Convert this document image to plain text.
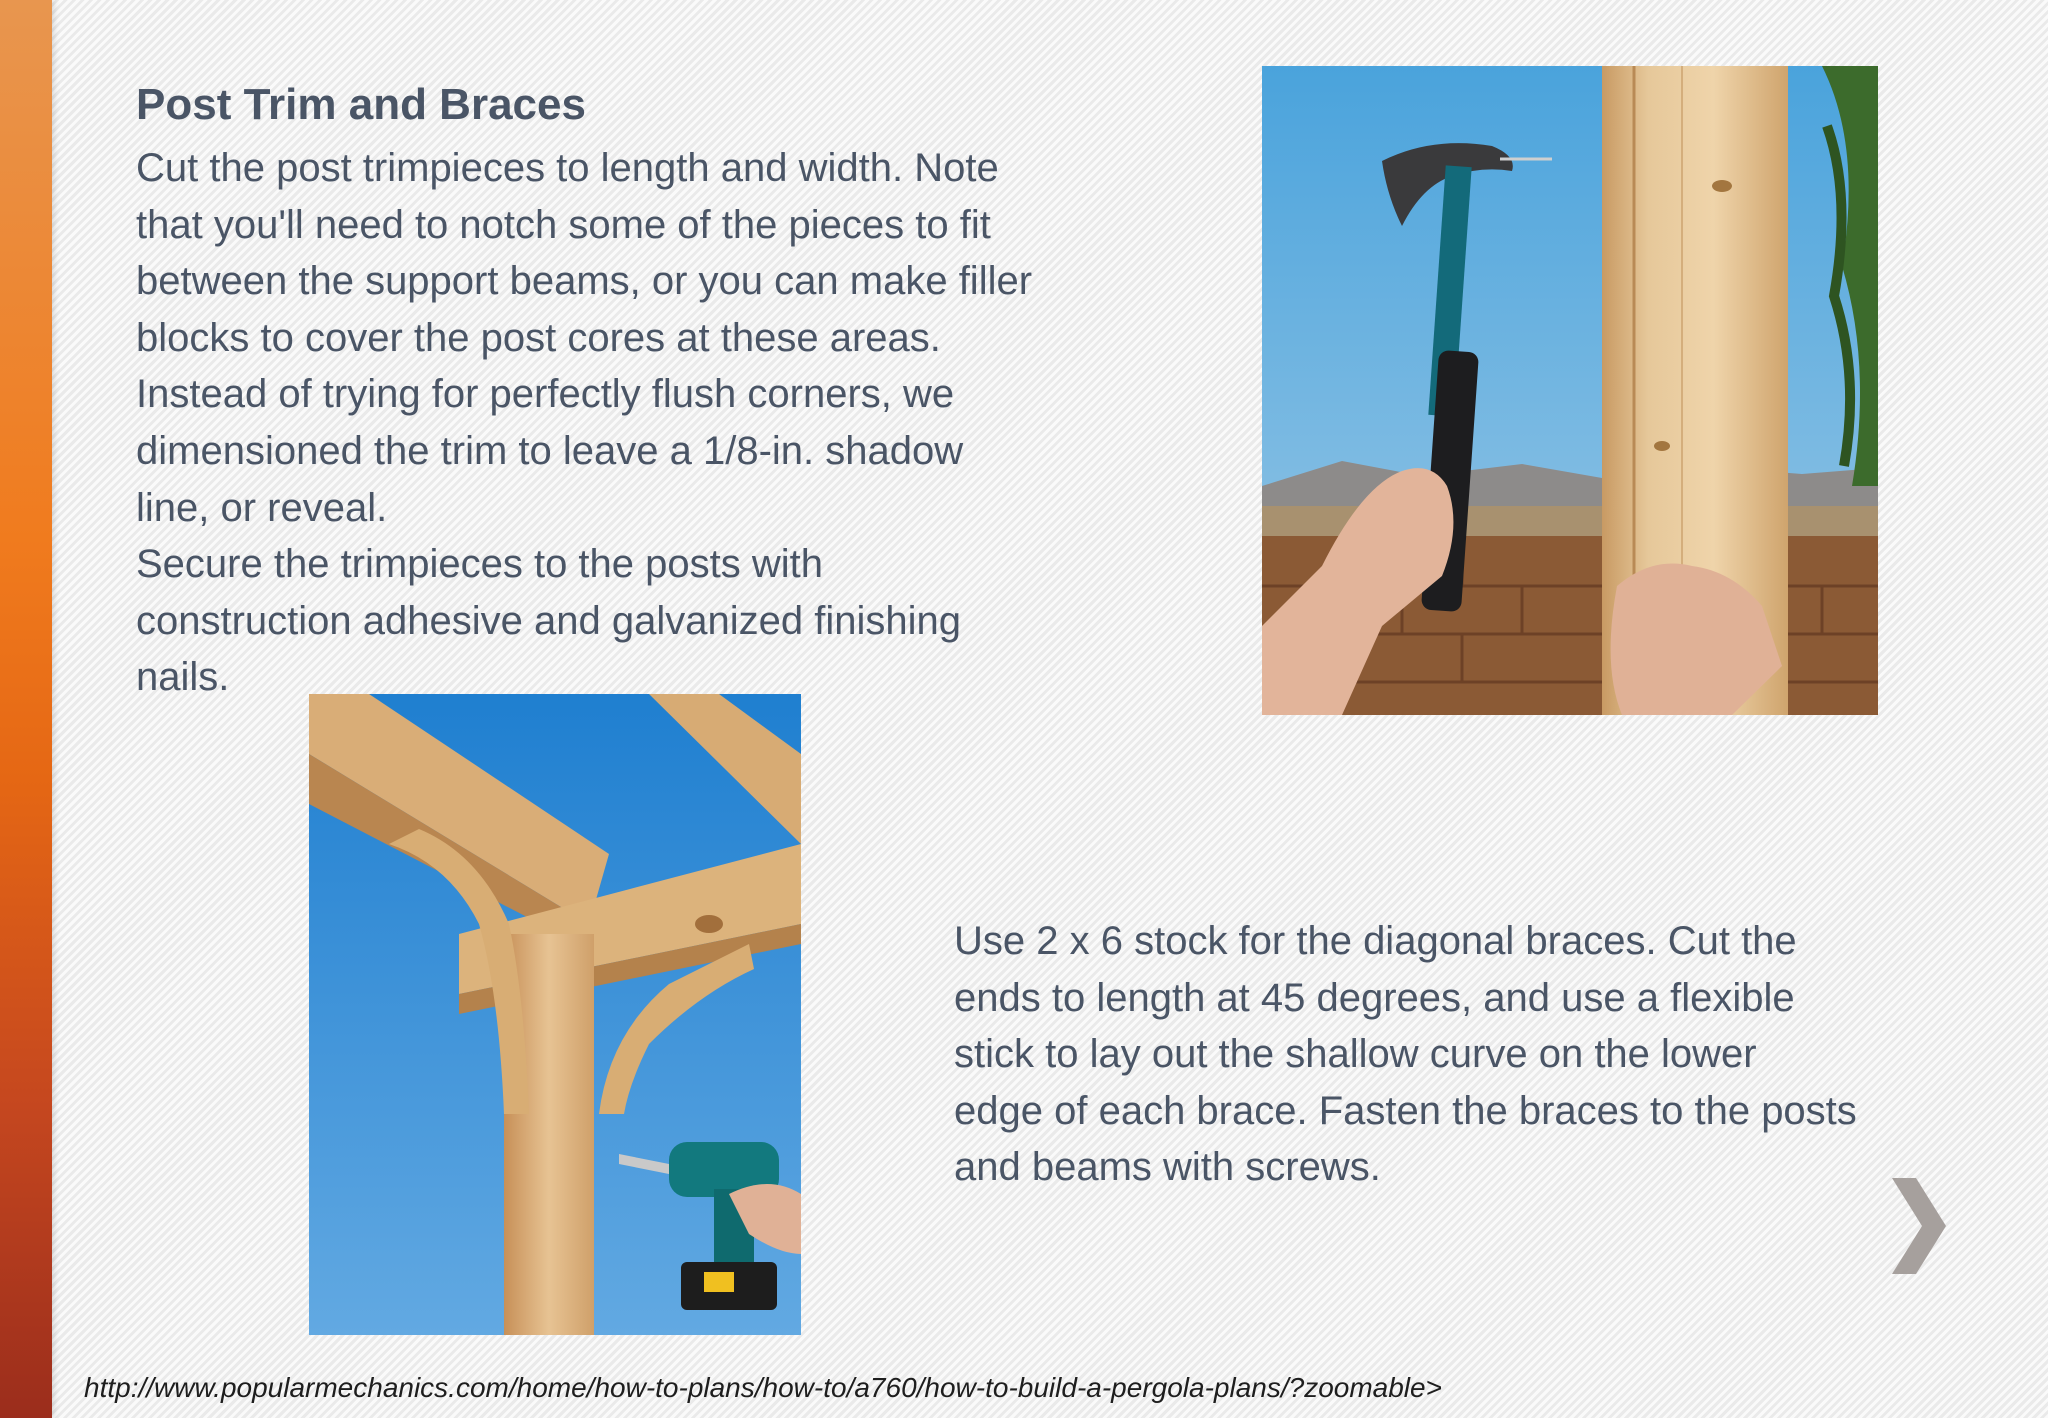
Post Trim and Braces

Cut the post trimpieces to length and width. Note

that you'll need to notch some of the pieces to fit

between the support beams, or you can make filler

blocks to cover the post cores at these areas.

Instead of trying for perfectly flush corners, we

dimensioned the trim to leave a 1/8-in. shadow

line, or reveal.

Secure the trimpieces to the posts with

construction adhesive and galvanized finishing

nails.

Use 2 x 6 stock for the diagonal braces. Cut the

ends to length at 45 degrees, and use a flexible

stick to lay out the shallow curve on the lower

edge of each brace. Fasten the braces to the posts

and beams with screws.

http://www.popularmechanics.com/home/how-to-plans/how-to/a760/how-to-build-a-pergola-plans/?zoomable>
